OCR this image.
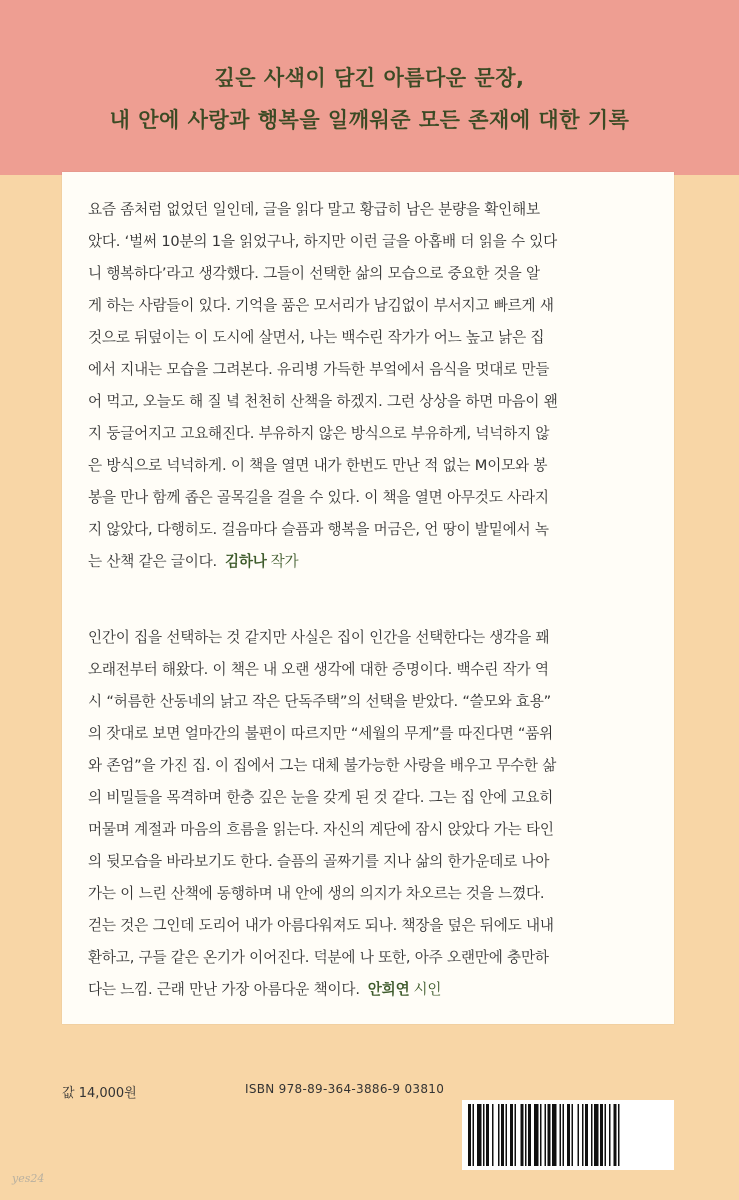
깊은 사색이 담긴 아름다운 문장,
내 안에 사랑과 행복을 일깨워준 모든 존재에 대한 기록
요즘 좀처럼 없었던 일인데, 글을 읽다 말고 황급히 남은 분량을 확인해보
았다. ‘벌써 10분의 1을 읽었구나, 하지만 이런 글을 아홉배 더 읽을 수 있다
니 행복하다’라고 생각했다. 그들이 선택한 삶의 모습으로 중요한 것을 알
게 하는 사람들이 있다. 기억을 품은 모서리가 남김없이 부서지고 빠르게 새
것으로 뒤덮이는 이 도시에 살면서, 나는 백수린 작가가 어느 높고 낡은 집
에서 지내는 모습을 그려본다. 유리병 가득한 부엌에서 음식을 멋대로 만들
어 먹고, 오늘도 해 질 녘 천천히 산책을 하겠지. 그런 상상을 하면 마음이 왠
지 둥글어지고 고요해진다. 부유하지 않은 방식으로 부유하게, 넉넉하지 않
은 방식으로 넉넉하게. 이 책을 열면 내가 한번도 만난 적 없는 M이모와 봉
봉을 만나 함께 좁은 골목길을 걸을 수 있다. 이 책을 열면 아무것도 사라지
지 않았다, 다행히도. 걸음마다 슬픔과 행복을 머금은, 언 땅이 발밑에서 녹
는 산책 같은 글이다. 김하나 작가
인간이 집을 선택하는 것 같지만 사실은 집이 인간을 선택한다는 생각을 꽤
오래전부터 해왔다. 이 책은 내 오랜 생각에 대한 증명이다. 백수린 작가 역
시 “허름한 산동네의 낡고 작은 단독주택”의 선택을 받았다. “쓸모와 효용”
의 잣대로 보면 얼마간의 불편이 따르지만 “세월의 무게”를 따진다면 “품위
와 존엄”을 가진 집. 이 집에서 그는 대체 불가능한 사랑을 배우고 무수한 삶
의 비밀들을 목격하며 한층 깊은 눈을 갖게 된 것 같다. 그는 집 안에 고요히
머물며 계절과 마음의 흐름을 읽는다. 자신의 계단에 잠시 앉았다 가는 타인
의 뒷모습을 바라보기도 한다. 슬픔의 골짜기를 지나 삶의 한가운데로 나아
가는 이 느린 산책에 동행하며 내 안에 생의 의지가 차오르는 것을 느꼈다.
걷는 것은 그인데 도리어 내가 아름다워져도 되나. 책장을 덮은 뒤에도 내내
환하고, 구들 같은 온기가 이어진다. 덕분에 나 또한, 아주 오랜만에 충만하
다는 느낌. 근래 만난 가장 아름다운 책이다. 안희연 시인
값 14,000원	ISBN 978-89-364-3886-9 03810
yes24
